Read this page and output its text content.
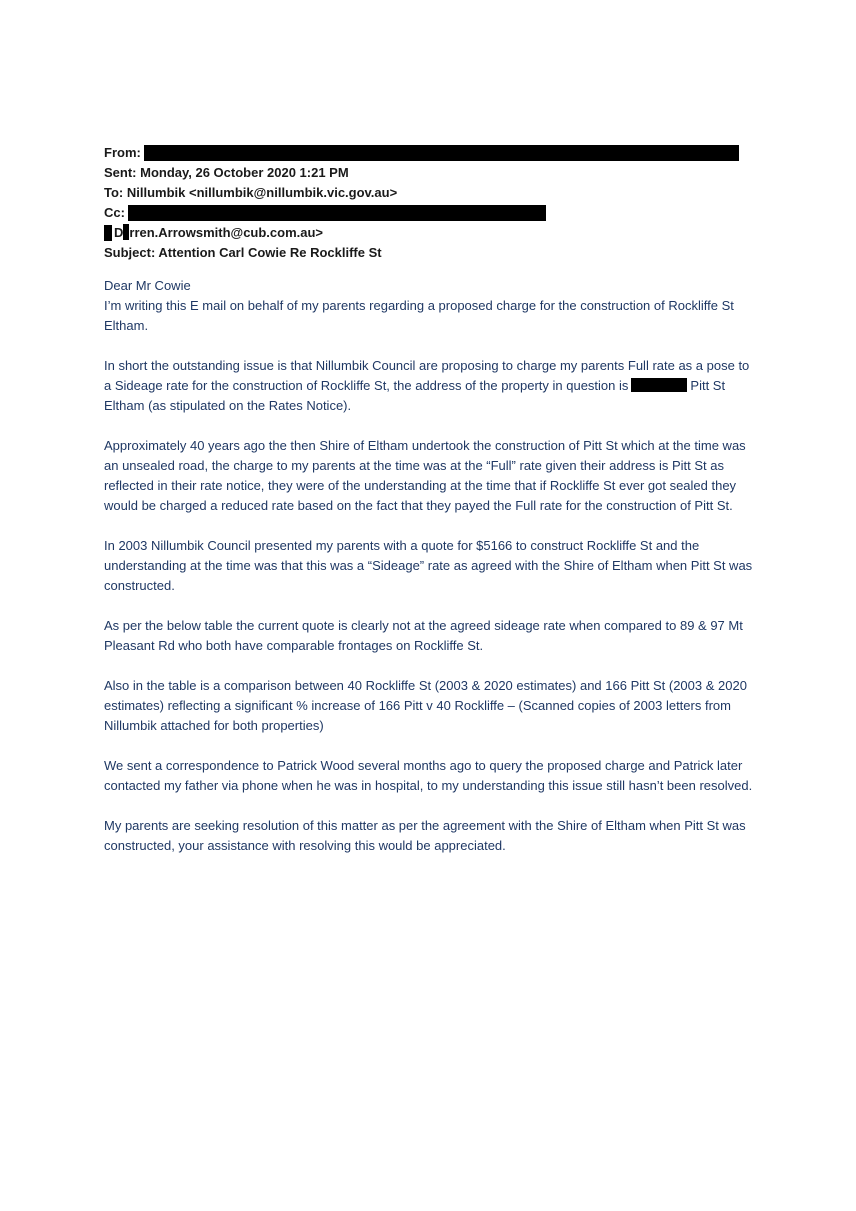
From:
Sent: Monday, 26 October 2020 1:21 PM
To: Nillumbik <nillumbik@nillumbik.vic.gov.au>
Cc:
D rren.Arrowsmith@cub.com.au>
Subject: Attention Carl Cowie Re Rockliffe St

Dear Mr Cowie

I’m writing this E mail on behalf of my parents regarding a proposed charge for the construction of Rockliffe St Eltham.

In short the outstanding issue is that Nillumbik Council are proposing to charge my parents Full rate as a pose to a Sideage rate for the construction of Rockliffe St, the address of the property in question is	Pitt St Eltham (as stipulated on the Rates Notice).

Approximately 40 years ago the then Shire of Eltham undertook the construction of Pitt St which at the time was an unsealed road, the charge to my parents at the time was at the “Full” rate given their address is Pitt St as reflected in their rate notice, they were of the understanding at the time that if Rockliffe St ever got sealed they would be charged a reduced rate based on the fact that they payed the Full rate for the construction of Pitt St.

In 2003 Nillumbik Council presented my parents with a quote for $5166 to construct Rockliffe St and the understanding at the time was that this was a “Sideage” rate as agreed with the Shire of Eltham when Pitt St was constructed.

As per the below table the current quote is clearly not at the agreed sideage rate when compared to 89 & 97 Mt Pleasant Rd who both have comparable frontages on Rockliffe St.

Also in the table is a comparison between 40 Rockliffe St (2003 & 2020 estimates) and 166 Pitt St (2003 & 2020 estimates) reflecting a significant % increase of 166 Pitt v 40 Rockliffe – (Scanned copies of 2003 letters from Nillumbik attached for both properties)

We sent a correspondence to Patrick Wood several months ago to query the proposed charge and Patrick later contacted my father via phone when he was in hospital, to my understanding this issue still hasn’t been resolved.

My parents are seeking resolution of this matter as per the agreement with the Shire of Eltham when Pitt St was constructed, your assistance with resolving this would be appreciated.
